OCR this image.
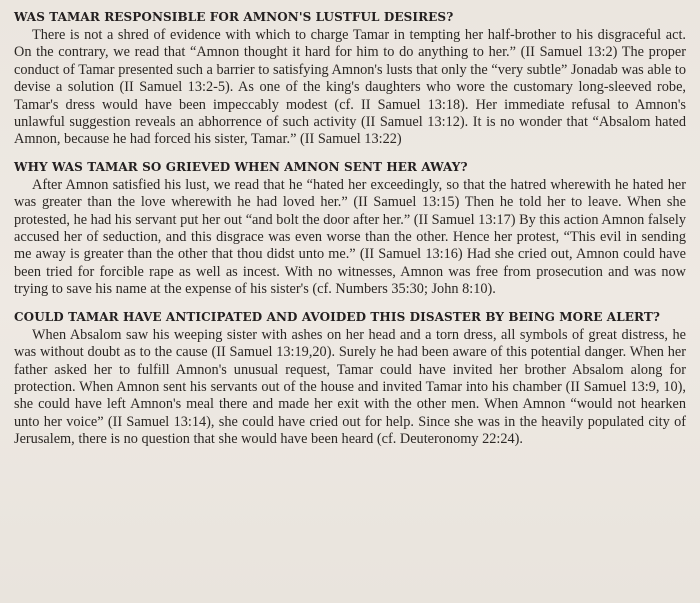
WAS TAMAR RESPONSIBLE FOR AMNON'S LUSTFUL DESIRES?

There is not a shred of evidence with which to charge Tamar in tempting her half-brother to his disgraceful act. On the contrary, we read that “Amnon thought it hard for him to do anything to her.” (II Samuel 13:2) The proper conduct of Tamar presented such a barrier to satisfying Amnon's lusts that only the “very subtle” Jonadab was able to devise a solution (II Samuel 13:2-5). As one of the king's daughters who wore the customary long-sleeved robe, Tamar's dress would have been impeccably modest (cf. II Samuel 13:18). Her immediate refusal to Amnon's unlawful suggestion reveals an abhorrence of such activity (II Samuel 13:12). It is no wonder that “Absalom hated Amnon, because he had forced his sister, Tamar.” (II Samuel 13:22)

WHY WAS TAMAR SO GRIEVED WHEN AMNON SENT HER AWAY?

After Amnon satisfied his lust, we read that he “hated her exceedingly, so that the hatred wherewith he hated her was greater than the love wherewith he had loved her.” (II Samuel 13:15) Then he told her to leave. When she protested, he had his servant put her out “and bolt the door after her.” (II Samuel 13:17) By this action Amnon falsely accused her of seduction, and this disgrace was even worse than the other. Hence her protest, “This evil in sending me away is greater than the other that thou didst unto me.” (II Samuel 13:16) Had she cried out, Amnon could have been tried for forcible rape as well as incest. With no witnesses, Amnon was free from prosecution and was now trying to save his name at the expense of his sister's (cf. Numbers 35:30; John 8:10).

COULD TAMAR HAVE ANTICIPATED AND AVOIDED THIS DISASTER BY BEING MORE ALERT?

When Absalom saw his weeping sister with ashes on her head and a torn dress, all symbols of great distress, he was without doubt as to the cause (II Samuel 13:19,20). Surely he had been aware of this potential danger. When her father asked her to fulfill Amnon's unusual request, Tamar could have invited her brother Absalom along for protection. When Amnon sent his servants out of the house and invited Tamar into his chamber (II Samuel 13:9, 10), she could have left Amnon's meal there and made her exit with the other men. When Amnon “would not hearken unto her voice” (II Samuel 13:14), she could have cried out for help. Since she was in the heavily populated city of Jerusalem, there is no question that she would have been heard (cf. Deuteronomy 22:24).
